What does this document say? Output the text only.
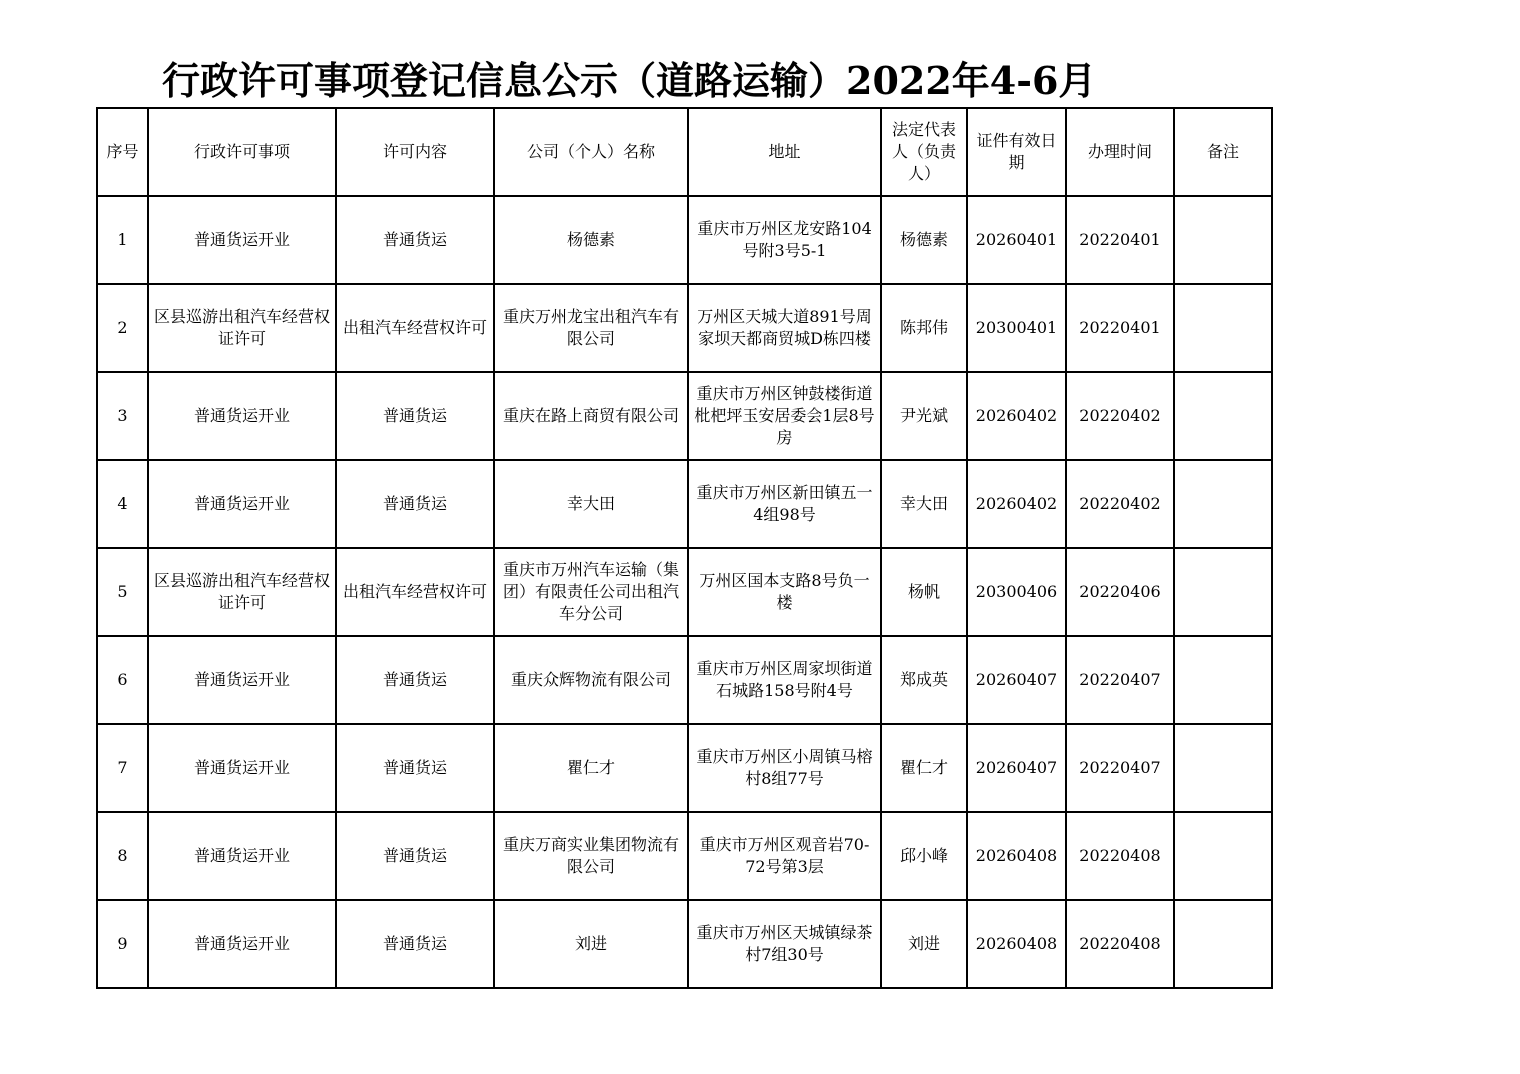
行政许可事项登记信息公示（道路运输）2022年4-6月
序号	行政许可事项	许可内容	公司（个人）名称	地址	法定代表人（负责人）	证件有效日期	办理时间	备注
1	普通货运开业	普通货运	杨德素	重庆市万州区龙安路104号附3号5-1	杨德素	20260401	20220401	
2	区县巡游出租汽车经营权证许可	出租汽车经营权许可	重庆万州龙宝出租汽车有限公司	万州区天城大道891号周家坝天都商贸城D栋四楼	陈邦伟	20300401	20220401	
3	普通货运开业	普通货运	重庆在路上商贸有限公司	重庆市万州区钟鼓楼街道枇杷坪玉安居委会1层8号房	尹光斌	20260402	20220402	
4	普通货运开业	普通货运	幸大田	重庆市万州区新田镇五一4组98号	幸大田	20260402	20220402	
5	区县巡游出租汽车经营权证许可	出租汽车经营权许可	重庆市万州汽车运输（集团）有限责任公司出租汽车分公司	万州区国本支路8号负一楼	杨帆	20300406	20220406	
6	普通货运开业	普通货运	重庆众辉物流有限公司	重庆市万州区周家坝街道石城路158号附4号	郑成英	20260407	20220407	
7	普通货运开业	普通货运	瞿仁才	重庆市万州区小周镇马榕村8组77号	瞿仁才	20260407	20220407	
8	普通货运开业	普通货运	重庆万商实业集团物流有限公司	重庆市万州区观音岩70-72号第3层	邱小峰	20260408	20220408	
9	普通货运开业	普通货运	刘进	重庆市万州区天城镇绿茶村7组30号	刘进	20260408	20220408	
